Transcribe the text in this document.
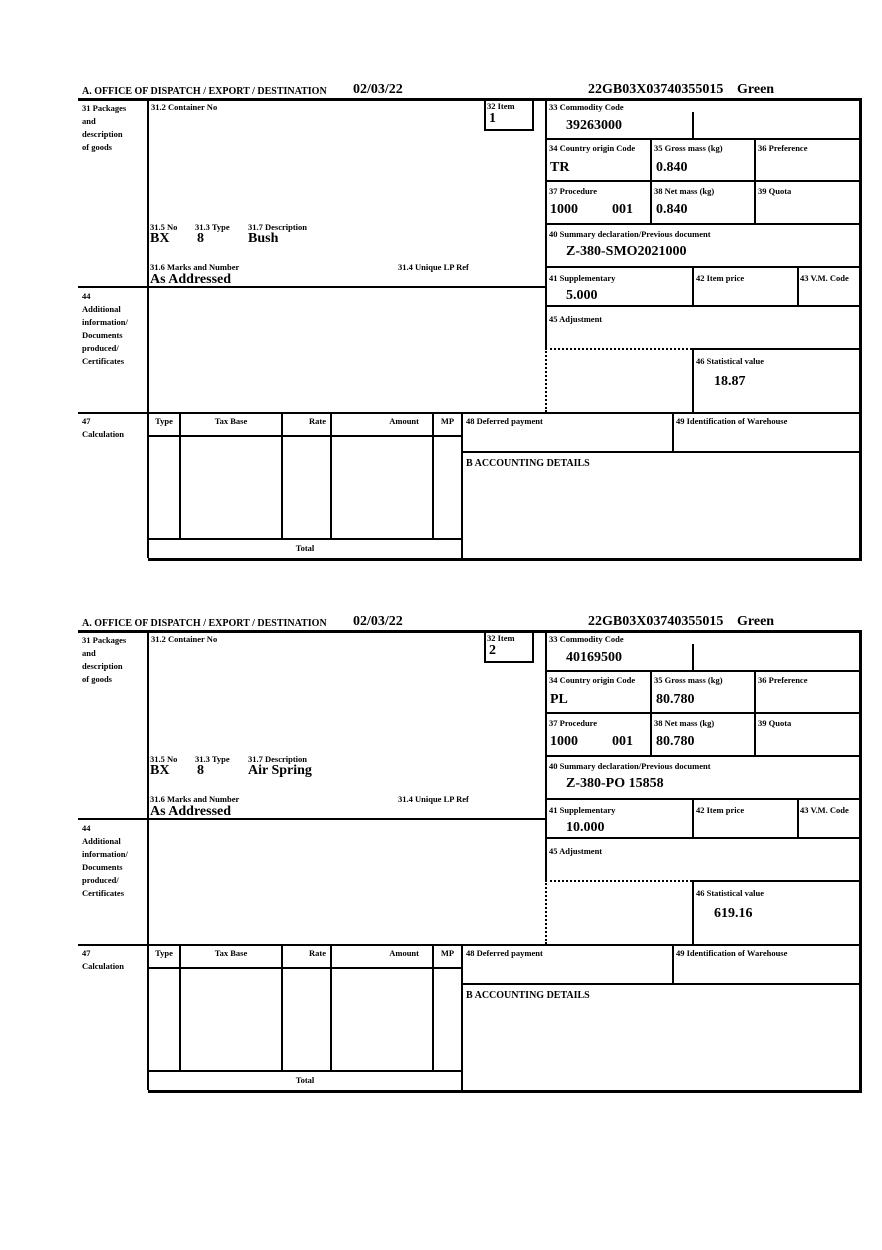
A. OFFICE OF DISPATCH / EXPORT / DESTINATION 02/03/22	22GB03X03740355015 Green
31 Packages
and
description
of goods
44
Additional
information/
Documents
produced/
Certificates
47
Calculation
31.2 Container No	32 Item
1
31.5 No 31.3 Type 31.7 Description
BX 8	Bush
31.6 Marks and Number	31.4 Unique LP Ref
As Addressed
33 Commodity Code
39263000
34 Country origin Code
TR
35 Gross mass (kg)
0.840
36 Preference
37 Procedure
1000 001
38 Net mass (kg)
0.840
39 Quota
40 Summary declaration/Previous document
Z-380-SMO2021000
41 Supplementary
5.000
42 Item price	43 V.M. Code
45 Adjustment
46 Statistical value
18.87
Type	Tax Base	Rate	Amount	MP
Total
48 Deferred payment	49 Identification of Warehouse
B ACCOUNTING DETAILS
A. OFFICE OF DISPATCH / EXPORT / DESTINATION 02/03/22	22GB03X03740355015 Green
31 Packages
and
description
of goods
44
Additional
information/
Documents
produced/
Certificates
47
Calculation
31.2 Container No	32 Item
2
31.5 No 31.3 Type 31.7 Description
BX 8	Air Spring
31.6 Marks and Number	31.4 Unique LP Ref
As Addressed
33 Commodity Code
40169500
34 Country origin Code
PL
35 Gross mass (kg)
80.780
36 Preference
37 Procedure
1000 001
38 Net mass (kg)
80.780
39 Quota
40 Summary declaration/Previous document
Z-380-PO 15858
41 Supplementary
10.000
42 Item price	43 V.M. Code
45 Adjustment
46 Statistical value
619.16
Type	Tax Base	Rate	Amount	MP
Total
48 Deferred payment	49 Identification of Warehouse
B ACCOUNTING DETAILS
